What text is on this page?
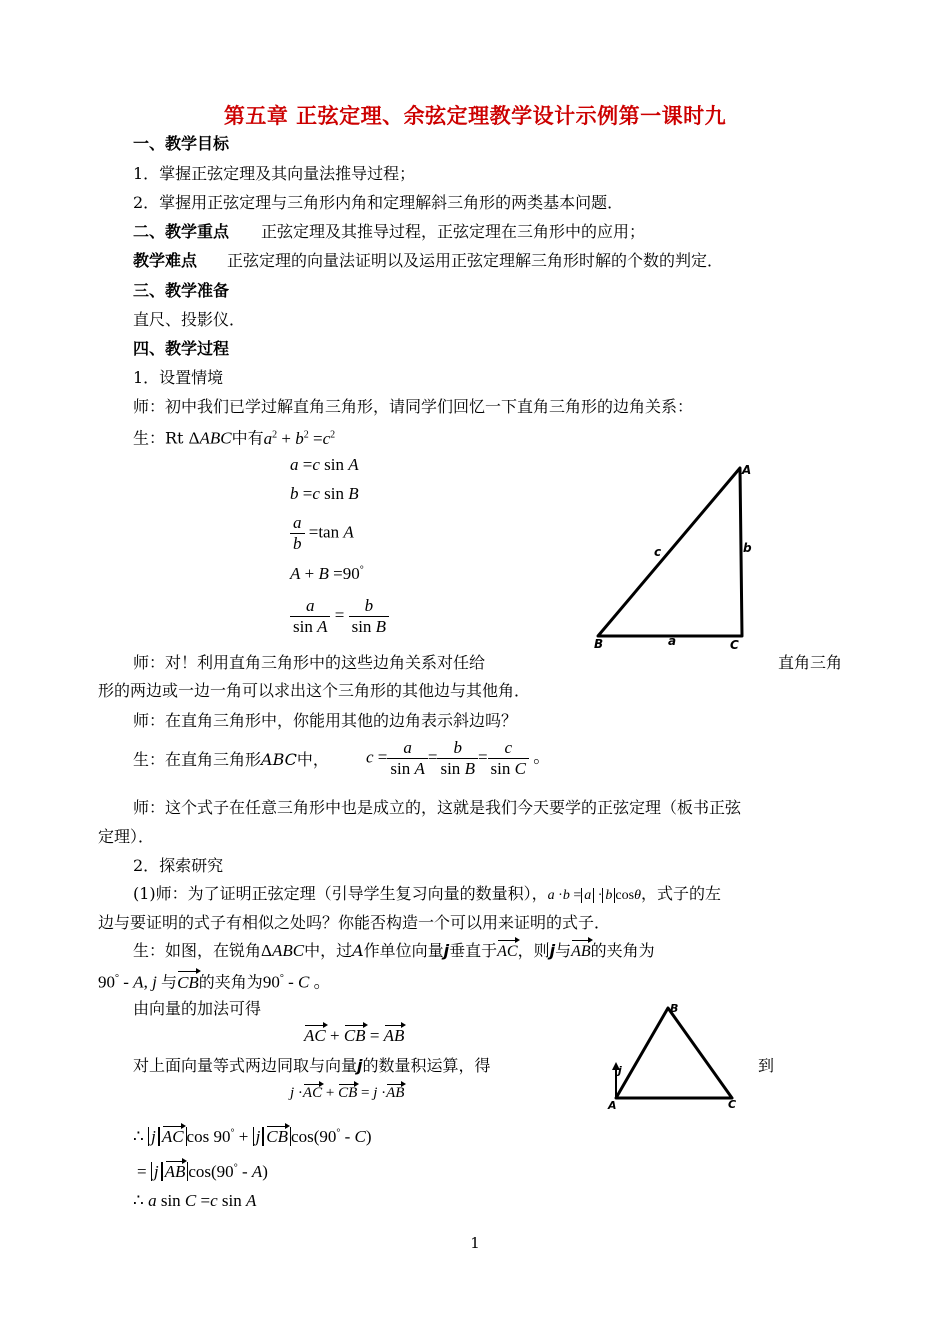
第五章 正弦定理、余弦定理教学设计示例第一课时九
一、教学目标
1．掌握正弦定理及其向量法推导过程；
2．掌握用正弦定理与三角形内角和定理解斜三角形的两类基本问题．
二、教学重点 正弦定理及其推导过程，正弦定理在三角形中的应用；
教学难点 正弦定理的向量法证明以及运用正弦定理解三角形时解的个数的判定．
三、教学准备
直尺、投影仪．
四、教学过程
1．设置情境
师：初中我们已学过解直角三角形，请同学们回忆一下直角三角形的边角关系：
生：Rt ΔABC中有$a^2 + b^2 =c^2$
a =c sin A
b =c sin B
$\frac{a}{b} =\tan$ A
A + B =90°
$\frac{a}{\text{sin A}} = \frac{b}{\text{sin B}}$
A
B	C
b
c
a
师：对！利用直角三角形中的这些边角关系对任给	直角三角
形的两边或一边一角可以求出这个三角形的其他边与其他角．
师：在直角三角形中，你能用其他的边角表示斜边吗？
生：在直角三角形ABC中， $c = \frac{a}{\text{sin A}} = \frac{b}{\text{sin B}} = \frac{c}{\text{sin C}}$ 。
师：这个式子在任意三角形中也是成立的，这就是我们今天要学的正弦定理（板书正弦
定理）．
2．探索研究
(1)师：为了证明正弦定理（引导学生复习向量的数量积），a ·b = a · b cosθ，式子的左
边与要证明的式子有相似之处吗？你能否构造一个可以用来证明的式子．
生：如图，在锐角ΔABC中，过A作单位向量j垂直于AC，则j与AB的夹角为
90° - A, j 与CB的夹角为90° - C 。
由向量的加法可得
AC + CB = AB
对上面向量等式两边同取与向量j的数量积运算，得	到
j ·AC + CB = j ·AB
B
A	C
j
∴ j AC cos 90° + j CB cos(90° - C)
= j AB cos(90° - A)
∴ a sin C =c sin A
1
